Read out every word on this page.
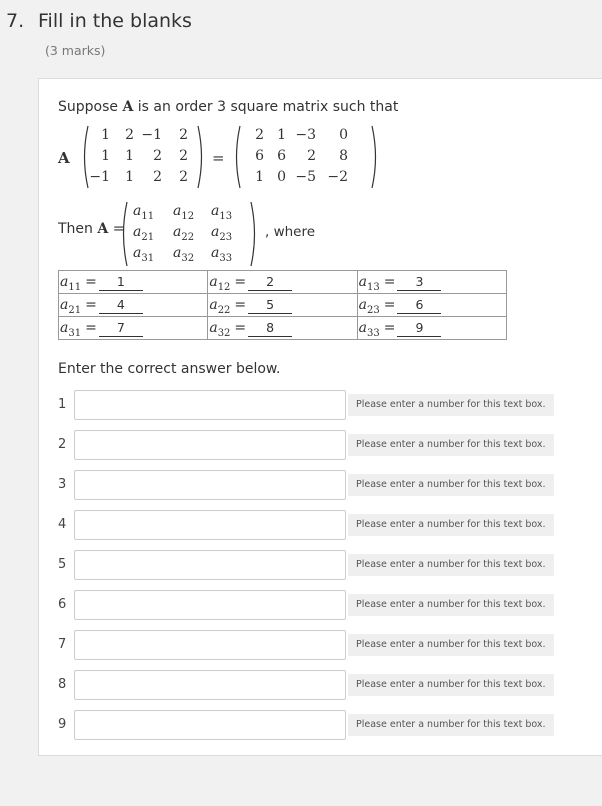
7. Fill in the blanks
(3 marks)
Suppose A is an order 3 square matrix such that
A
1	2 −1	2
1	1	2	2
−1	1	2	2
=
2 1 −3	0
6 6	2	8
1 0 −5 −2
Then A =
$a_{11}$ $a_{12}$ $a_{13}$
$a_{21}$ $a_{22}$ $a_{23}$
$a_{31}$ $a_{32}$ $a_{33}$
, where
$a_{11} = 1$	$a_{12} = 2$	$a_{13} = 3$
$a_{21} = 4$	$a_{22} = 5$	$a_{23} = 6$
$a_{31} = 7$	$a_{32} = 8$	$a_{33} = 9$
Enter the correct answer below.
1	Please enter a number for this text box.
2	Please enter a number for this text box.
3	Please enter a number for this text box.
4	Please enter a number for this text box.
5	Please enter a number for this text box.
6	Please enter a number for this text box.
7	Please enter a number for this text box.
8	Please enter a number for this text box.
9	Please enter a number for this text box.
